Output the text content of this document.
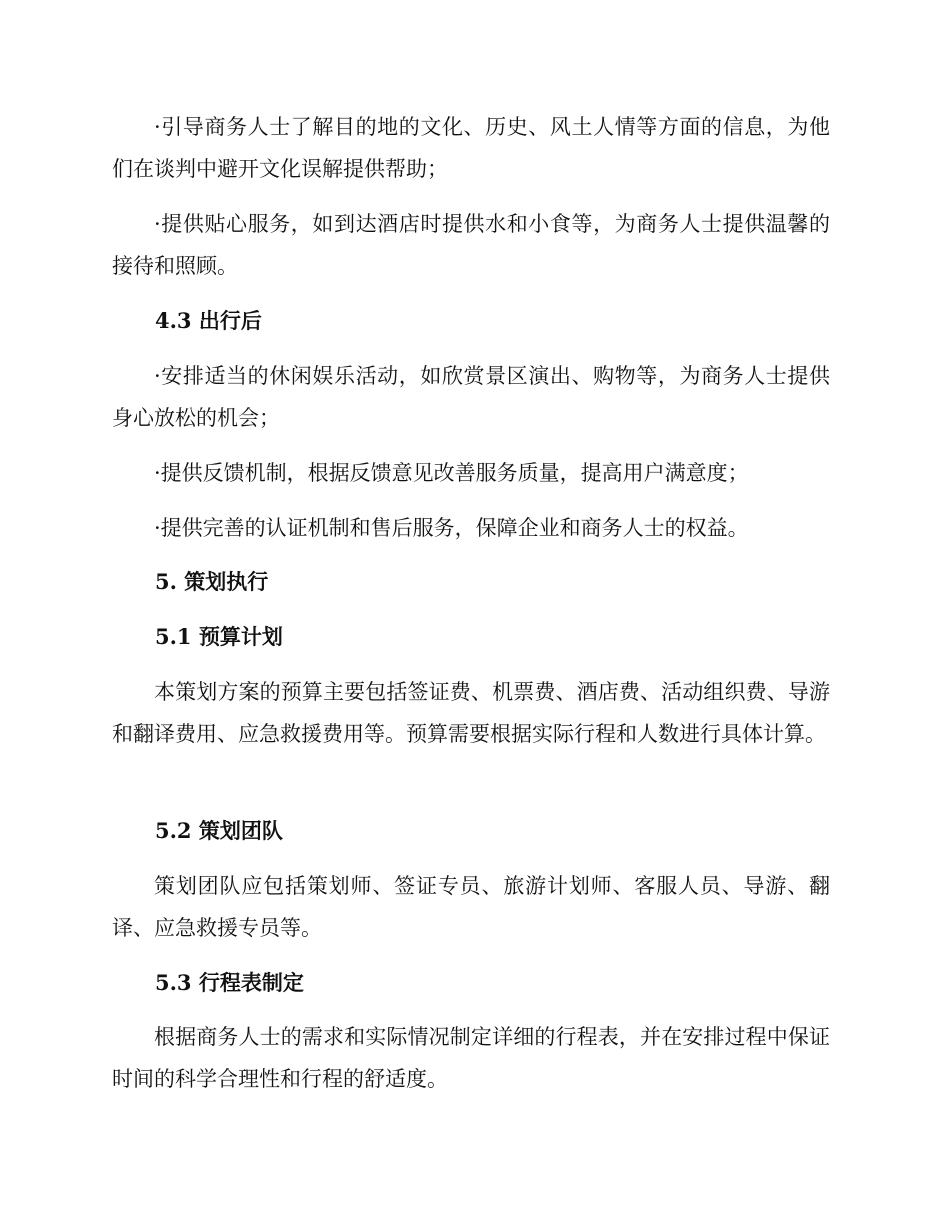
·引导商务人士了解目的地的文化、历史、风土人情等方面的信息，为他们在谈判中避开文化误解提供帮助；

·提供贴心服务，如到达酒店时提供水和小食等，为商务人士提供温馨的接待和照顾。

4.3 出行后

·安排适当的休闲娱乐活动，如欣赏景区演出、购物等，为商务人士提供身心放松的机会；

·提供反馈机制，根据反馈意见改善服务质量，提高用户满意度；

·提供完善的认证机制和售后服务，保障企业和商务人士的权益。

5. 策划执行

5.1 预算计划

本策划方案的预算主要包括签证费、机票费、酒店费、活动组织费、导游和翻译费用、应急救援费用等。预算需要根据实际行程和人数进行具体计算。

5.2 策划团队

策划团队应包括策划师、签证专员、旅游计划师、客服人员、导游、翻译、应急救援专员等。

5.3 行程表制定

根据商务人士的需求和实际情况制定详细的行程表，并在安排过程中保证时间的科学合理性和行程的舒适度。
